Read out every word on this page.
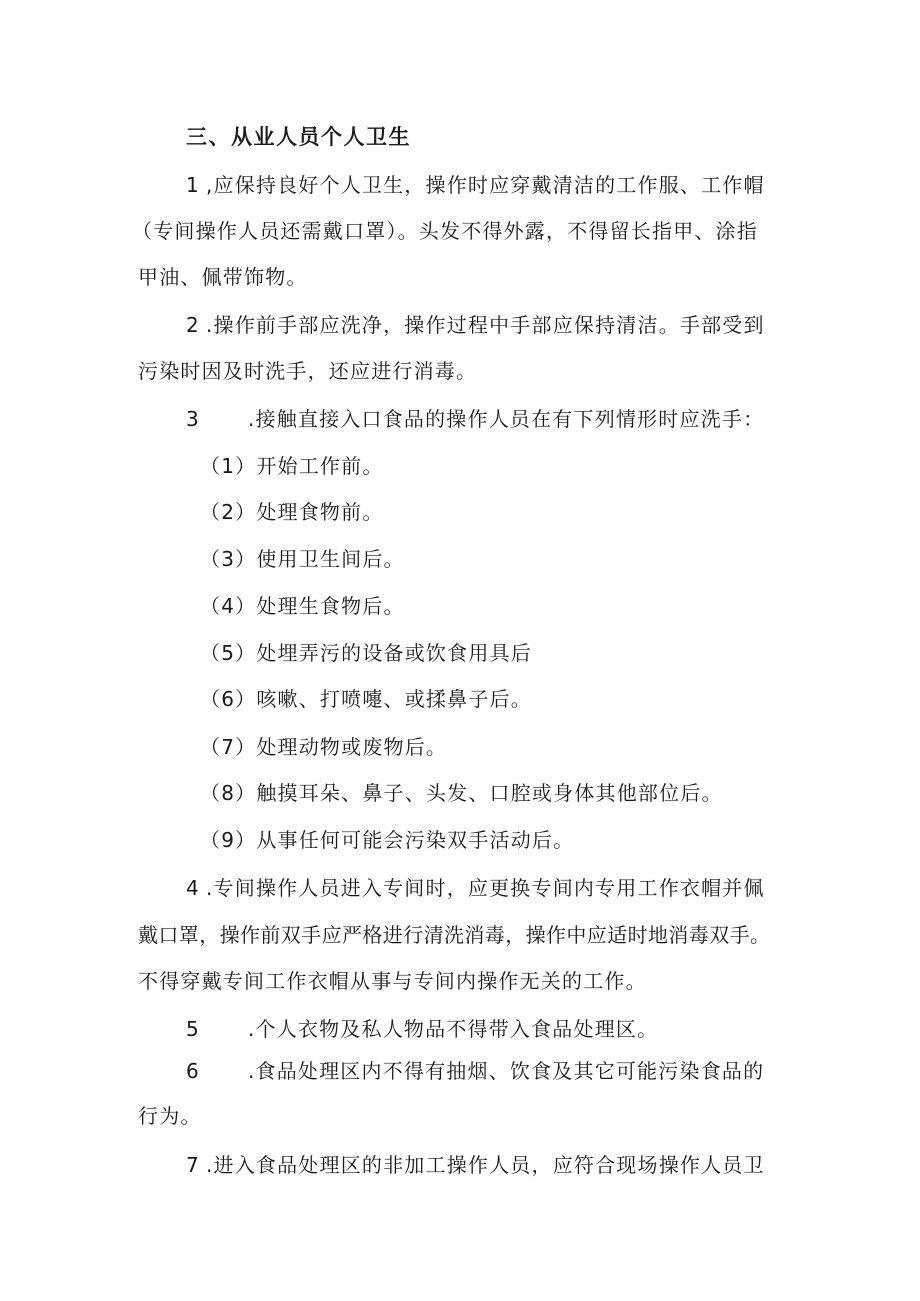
三、从业人员个人卫生
1 ,应保持良好个人卫生，操作时应穿戴清洁的工作服、工作帽
（专间操作人员还需戴口罩）。头发不得外露，不得留长指甲、涂指
甲油、佩带饰物。
2 .操作前手部应洗净，操作过程中手部应保持清洁。手部受到
污染时因及时洗手，还应进行消毒。
3 .接触直接入口食品的操作人员在有下列情形时应洗手：
（1）开始工作前。
（2）处理食物前。
（3）使用卫生间后。
（4）处理生食物后。
（5）处埋弄污的设备或饮食用具后
（6）咳嗽、打喷嚏、或揉鼻子后。
（7）处理动物或废物后。
（8）触摸耳朵、鼻子、头发、口腔或身体其他部位后。
（9）从事任何可能会污染双手活动后。
4 .专间操作人员进入专间时，应更换专间内专用工作衣帽并佩
戴口罩，操作前双手应严格进行清洗消毒，操作中应适时地消毒双手。
不得穿戴专间工作衣帽从事与专间内操作无关的工作。
5 .个人衣物及私人物品不得带入食品处理区。
6 .食品处理区内不得有抽烟、饮食及其它可能污染食品的
行为。
7 .进入食品处理区的非加工操作人员，应符合现场操作人员卫
